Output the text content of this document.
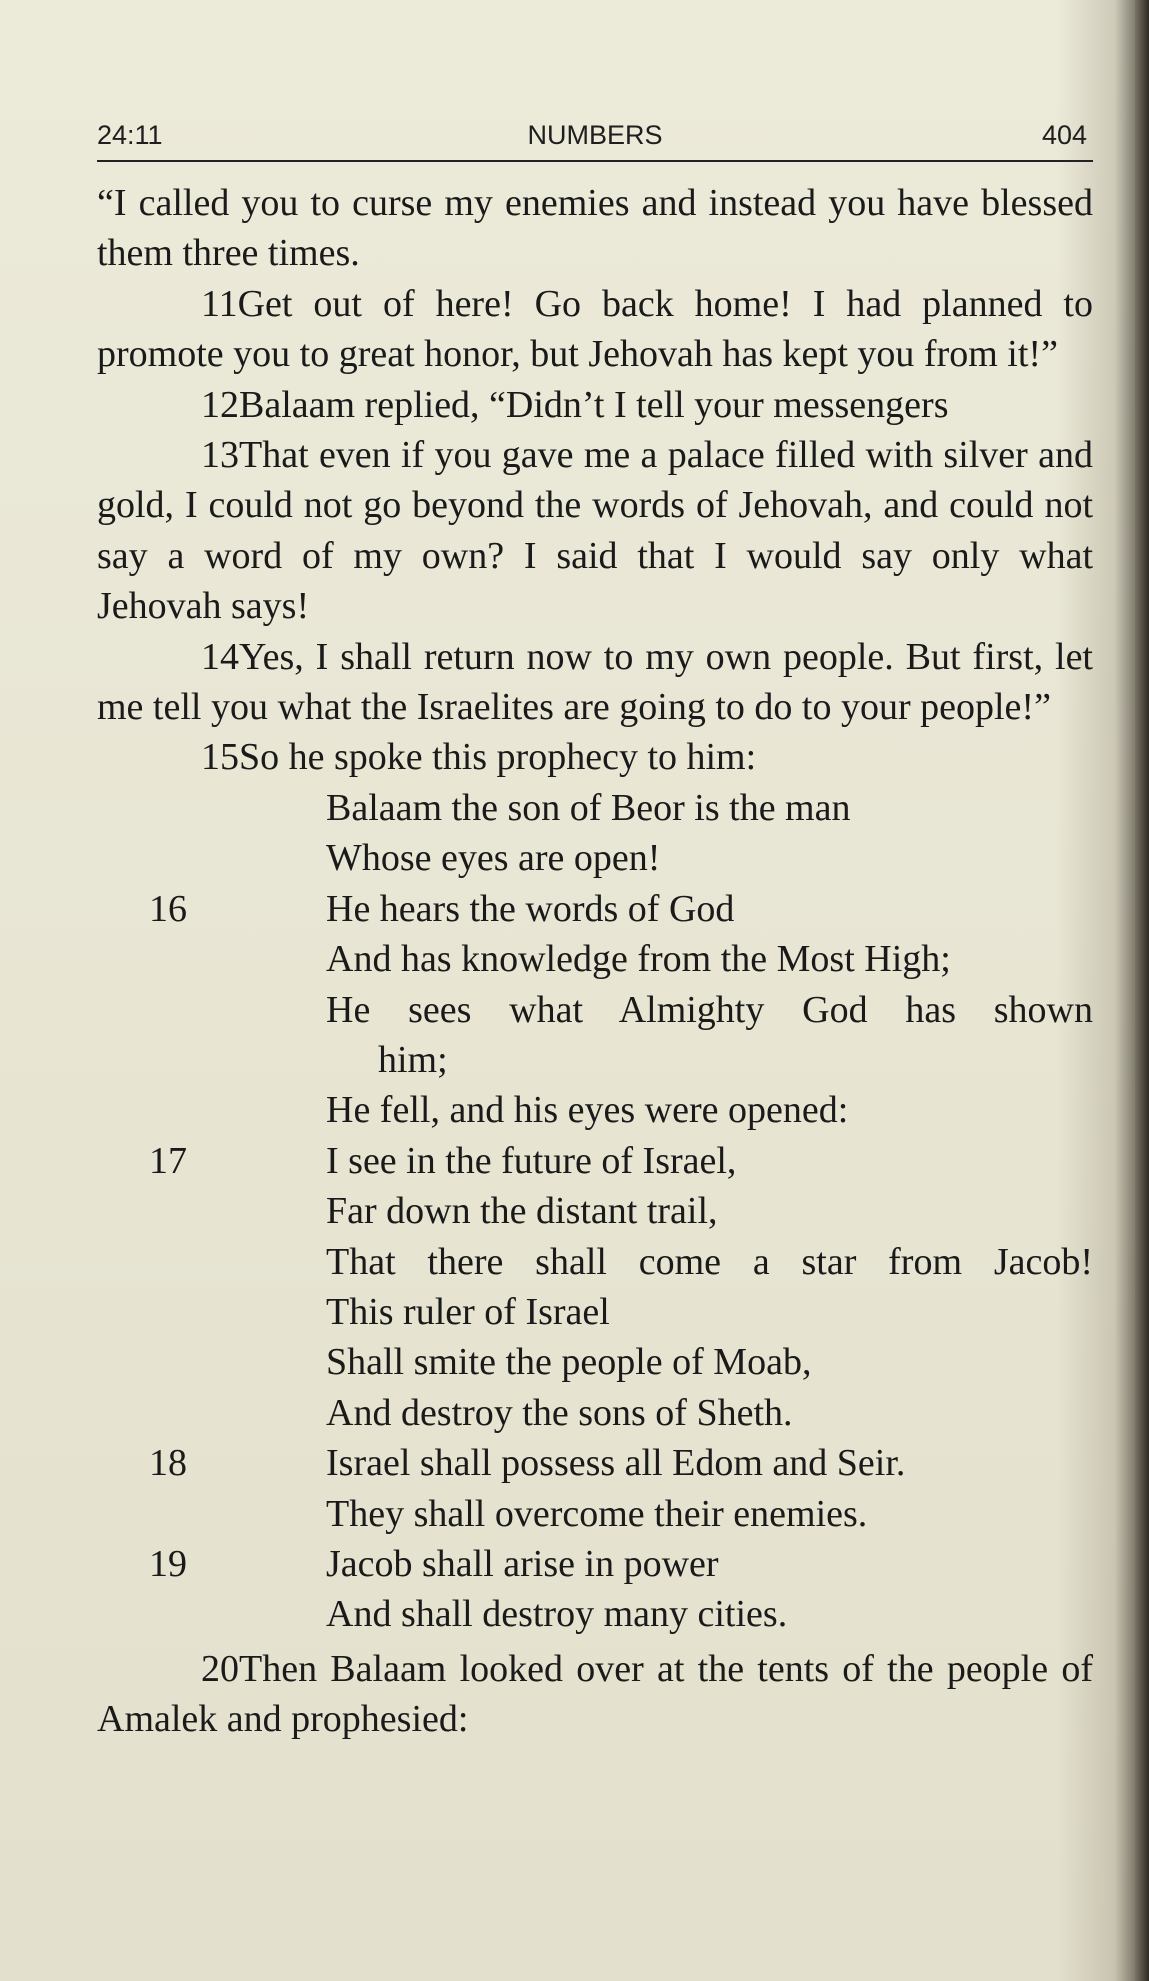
24:11	NUMBERS	404

“I called you to curse my enemies and instead you have blessed them three times.

11Get out of here! Go back home! I had planned to promote you to great honor, but Jehovah has kept you from it!”

12Balaam replied, “Didn’t I tell your messengers

13That even if you gave me a palace filled with silver and gold, I could not go beyond the words of Jehovah, and could not say a word of my own? I said that I would say only what Jehovah says!

14Yes, I shall return now to my own people. But first, let me tell you what the Israelites are going to do to your people!”

15So he spoke this prophecy to him:

Balaam the son of Beor is the man
Whose eyes are open!
16	He hears the words of God
And has knowledge from the Most High;
He sees what Almighty God has shown
him;
He fell, and his eyes were opened:
17	I see in the future of Israel,
Far down the distant trail,
That there shall come a star from Jacob!
This ruler of Israel
Shall smite the people of Moab,
And destroy the sons of Sheth.
18	Israel shall possess all Edom and Seir.
They shall overcome their enemies.
19	Jacob shall arise in power
And shall destroy many cities.

20Then Balaam looked over at the tents of the people of Amalek and prophesied:
